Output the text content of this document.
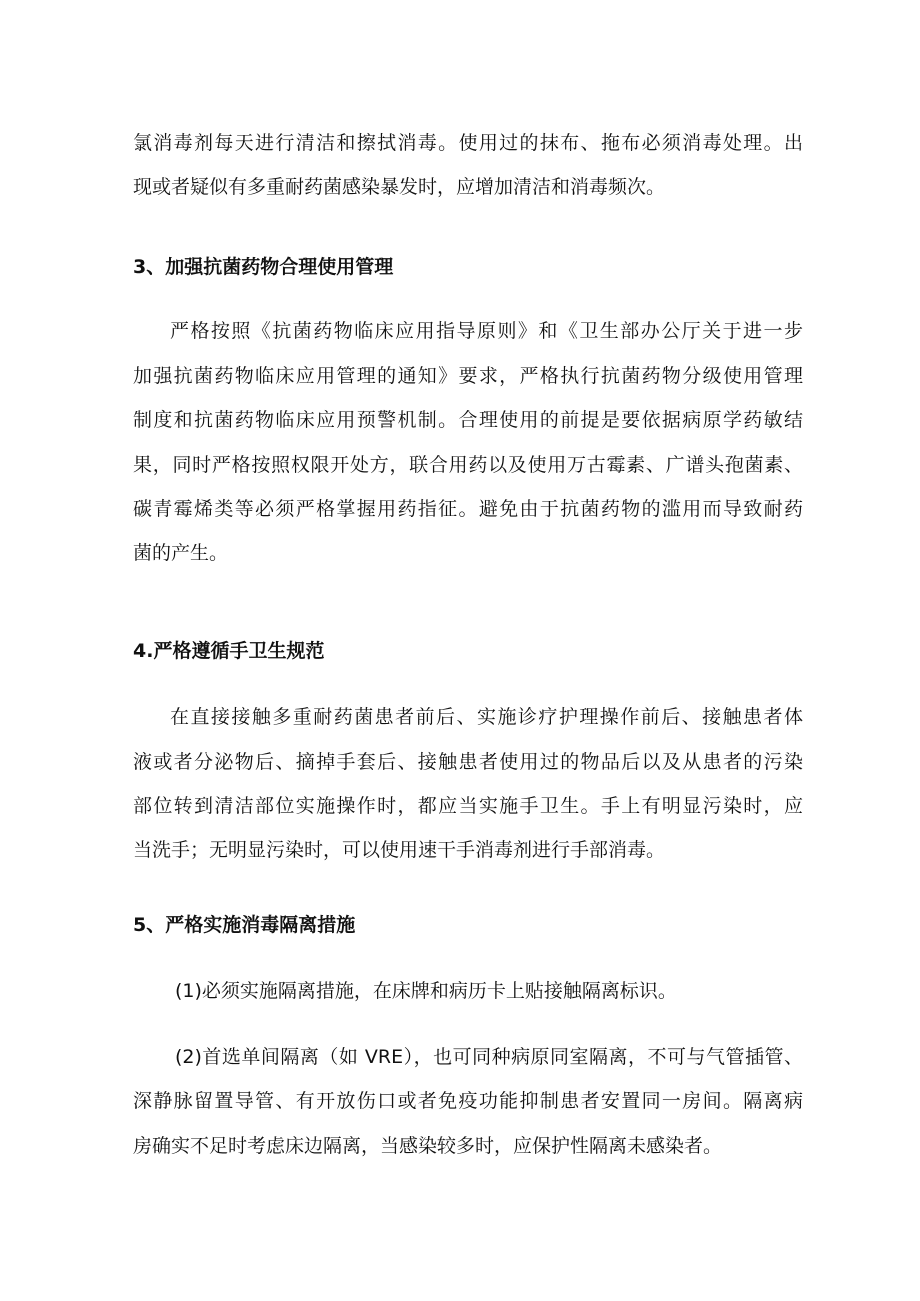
氯消毒剂每天进行清洁和擦拭消毒。使用过的抹布、拖布必须消毒处理。出
现或者疑似有多重耐药菌感染暴发时，应增加清洁和消毒频次。
3、加强抗菌药物合理使用管理
严格按照《抗菌药物临床应用指导原则》和《卫生部办公厅关于进一步
加强抗菌药物临床应用管理的通知》要求，严格执行抗菌药物分级使用管理
制度和抗菌药物临床应用预警机制。合理使用的前提是要依据病原学药敏结
果，同时严格按照权限开处方，联合用药以及使用万古霉素、广谱头孢菌素、
碳青霉烯类等必须严格掌握用药指征。避免由于抗菌药物的滥用而导致耐药
菌的产生。
4.严格遵循手卫生规范
在直接接触多重耐药菌患者前后、实施诊疗护理操作前后、接触患者体
液或者分泌物后、摘掉手套后、接触患者使用过的物品后以及从患者的污染
部位转到清洁部位实施操作时，都应当实施手卫生。手上有明显污染时，应
当洗手；无明显污染时，可以使用速干手消毒剂进行手部消毒。
5、严格实施消毒隔离措施
(1)必须实施隔离措施，在床牌和病历卡上贴接触隔离标识。
(2)首选单间隔离（如 VRE），也可同种病原同室隔离，不可与气管插管、
深静脉留置导管、有开放伤口或者免疫功能抑制患者安置同一房间。隔离病
房确实不足时考虑床边隔离，当感染较多时，应保护性隔离未感染者。
